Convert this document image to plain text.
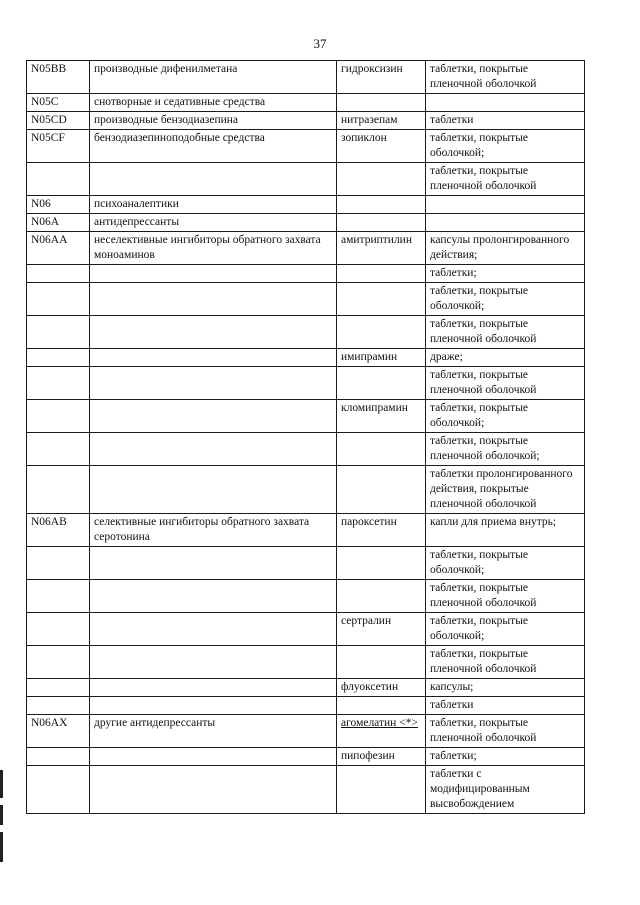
37
N05BB	производные дифенилметана	гидроксизин	таблетки, покрытые пленочной оболочкой
N05C	снотворные и седативные средства		
N05CD	производные бензодиазепина	нитразепам	таблетки
N05CF	бензодиазепиноподобные средства	зопиклон	таблетки, покрытые оболочкой;
			таблетки, покрытые пленочной оболочкой
N06	психоаналептики		
N06A	антидепрессанты		
N06AA	неселективные ингибиторы обратного захвата моноаминов	амитриптилин	капсулы пролонгированного действия;
			таблетки;
			таблетки, покрытые оболочкой;
			таблетки, покрытые пленочной оболочкой
		имипрамин	драже;
			таблетки, покрытые пленочной оболочкой
		кломипрамин	таблетки, покрытые оболочкой;
			таблетки, покрытые пленочной оболочкой;
			таблетки пролонгированного действия, покрытые пленочной оболочкой
N06AB	селективные ингибиторы обратного захвата серотонина	пароксетин	капли для приема внутрь;
			таблетки, покрытые оболочкой;
			таблетки, покрытые пленочной оболочкой
		сертралин	таблетки, покрытые оболочкой;
			таблетки, покрытые пленочной оболочкой
		флуоксетин	капсулы;
			таблетки
N06AX	другие антидепрессанты	агомелатин <*>	таблетки, покрытые пленочной оболочкой
		пипофезин	таблетки;
			таблетки с модифицированным высвобождением
